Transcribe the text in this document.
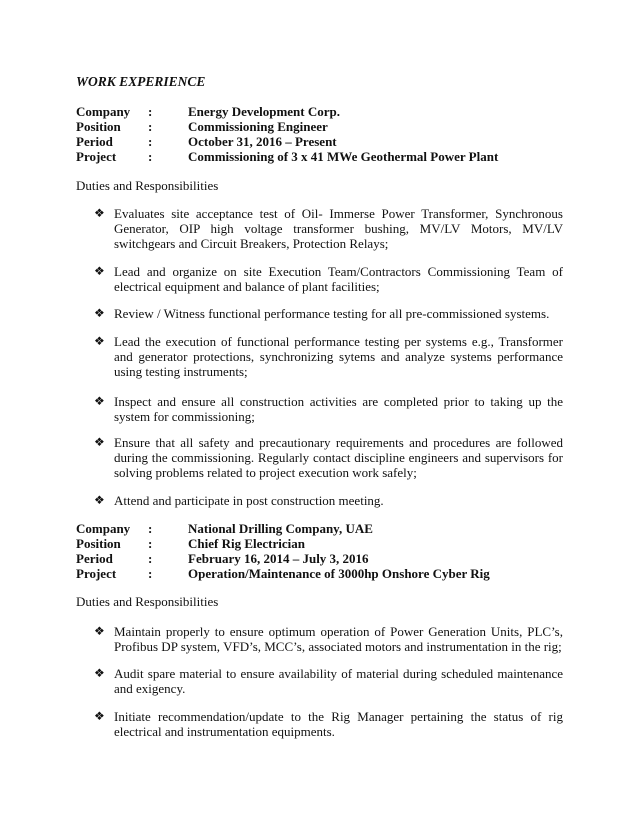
WORK EXPERIENCE
Company	:	Energy Development Corp.
Position	:	Commissioning Engineer
Period	:	October 31, 2016 – Present
Project	:	Commissioning of 3 x 41 MWe Geothermal Power Plant
Duties and Responsibilities
❖ Evaluates site acceptance test of Oil- Immerse Power Transformer, Synchronous Generator, OIP high voltage transformer bushing, MV/LV Motors, MV/LV switchgears and Circuit Breakers, Protection Relays;
❖ Lead and organize on site Execution Team/Contractors Commissioning Team of electrical equipment and balance of plant facilities;
❖ Review / Witness functional performance testing for all pre-commissioned systems.
❖ Lead the execution of functional performance testing per systems e.g., Transformer and generator protections, synchronizing sytems and analyze systems performance using testing instruments;
❖ Inspect and ensure all construction activities are completed prior to taking up the system for commissioning;
❖ Ensure that all safety and precautionary requirements and procedures are followed during the commissioning. Regularly contact discipline engineers and supervisors for solving problems related to project execution work safely;
❖ Attend and participate in post construction meeting.
Company	:	National Drilling Company, UAE
Position	:	Chief Rig Electrician
Period	:	February 16, 2014 – July 3, 2016
Project	:	Operation/Maintenance of 3000hp Onshore Cyber Rig
Duties and Responsibilities
❖ Maintain properly to ensure optimum operation of Power Generation Units, PLC’s, Profibus DP system, VFD’s, MCC’s, associated motors and instrumentation in the rig;
❖ Audit spare material to ensure availability of material during scheduled maintenance and exigency.
❖ Initiate recommendation/update to the Rig Manager pertaining the status of rig electrical and instrumentation equipments.
